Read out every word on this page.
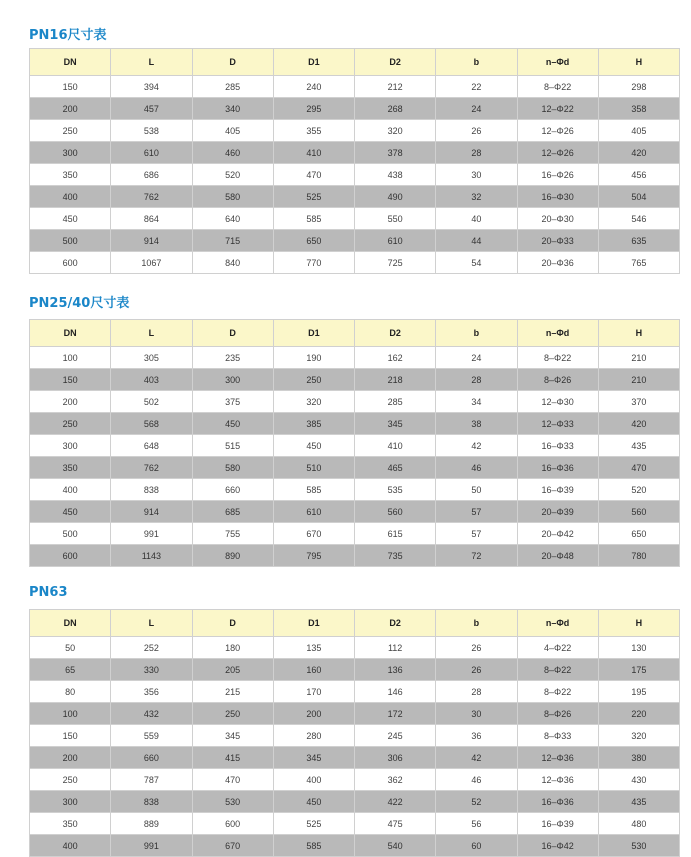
PN16尺寸表
DN	L	D	D1	D2	b	n–Φd	H
150	394	285	240	212	22	8–Φ22	298
200	457	340	295	268	24	12–Φ22	358
250	538	405	355	320	26	12–Φ26	405
300	610	460	410	378	28	12–Φ26	420
350	686	520	470	438	30	16–Φ26	456
400	762	580	525	490	32	16–Φ30	504
450	864	640	585	550	40	20–Φ30	546
500	914	715	650	610	44	20–Φ33	635
600	1067	840	770	725	54	20–Φ36	765
PN25/40尺寸表
DN	L	D	D1	D2	b	n–Φd	H
100	305	235	190	162	24	8–Φ22	210
150	403	300	250	218	28	8–Φ26	210
200	502	375	320	285	34	12–Φ30	370
250	568	450	385	345	38	12–Φ33	420
300	648	515	450	410	42	16–Φ33	435
350	762	580	510	465	46	16–Φ36	470
400	838	660	585	535	50	16–Φ39	520
450	914	685	610	560	57	20–Φ39	560
500	991	755	670	615	57	20–Φ42	650
600	1143	890	795	735	72	20–Φ48	780
PN63
DN	L	D	D1	D2	b	n–Φd	H
50	252	180	135	112	26	4–Φ22	130
65	330	205	160	136	26	8–Φ22	175
80	356	215	170	146	28	8–Φ22	195
100	432	250	200	172	30	8–Φ26	220
150	559	345	280	245	36	8–Φ33	320
200	660	415	345	306	42	12–Φ36	380
250	787	470	400	362	46	12–Φ36	430
300	838	530	450	422	52	16–Φ36	435
350	889	600	525	475	56	16–Φ39	480
400	991	670	585	540	60	16–Φ42	530
